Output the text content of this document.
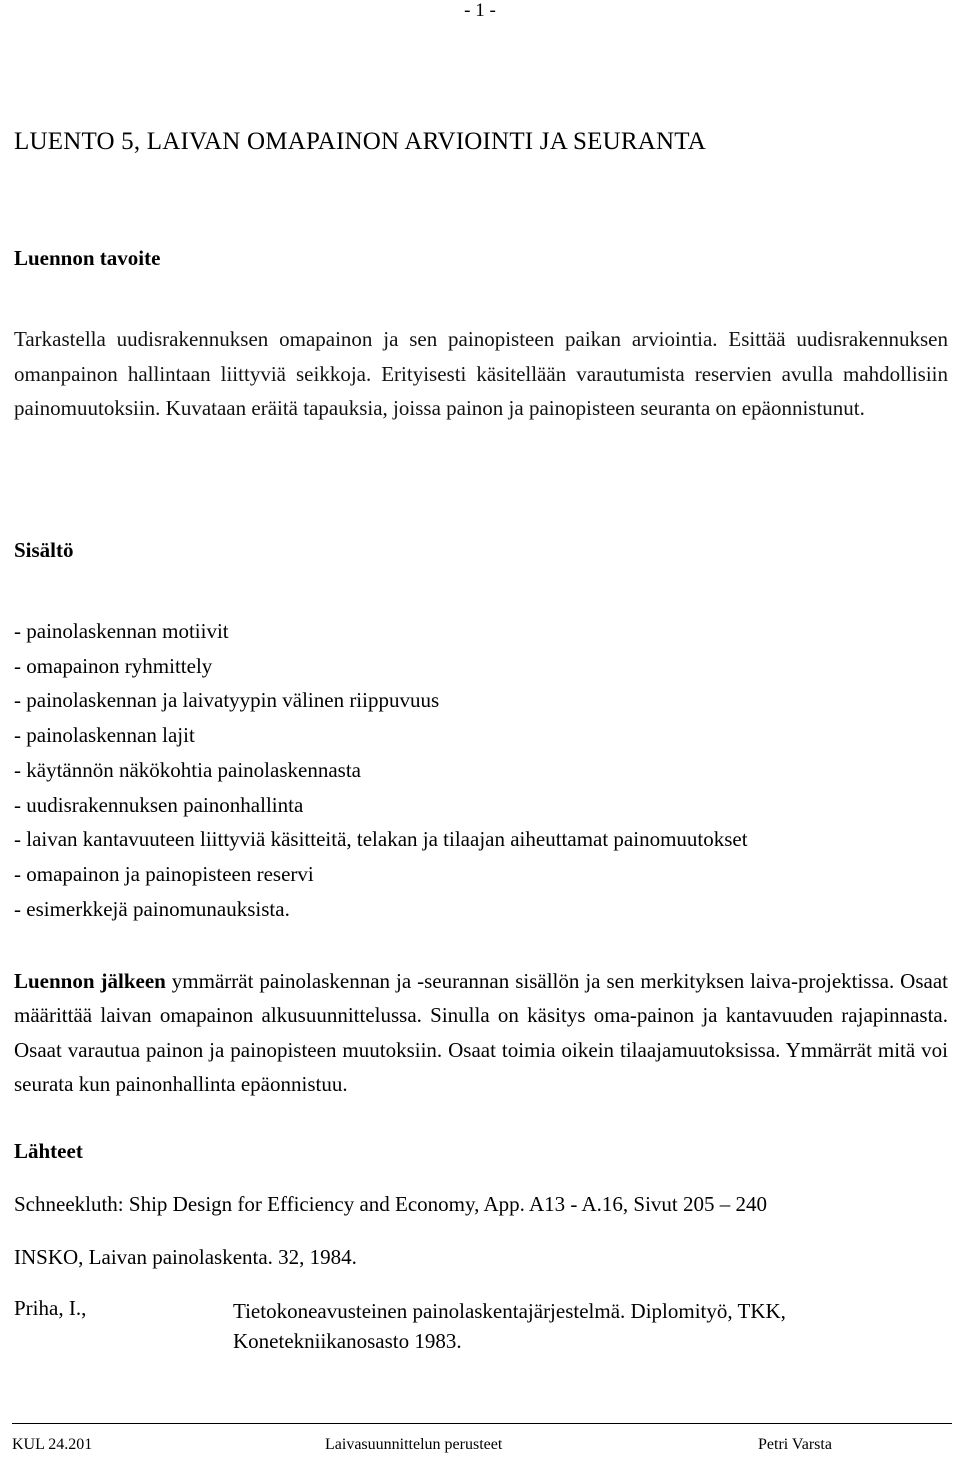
- 1 -
LUENTO 5, LAIVAN OMAPAINON ARVIOINTI JA SEURANTA
Luennon tavoite
Tarkastella uudisrakennuksen omapainon ja sen painopisteen paikan arviointia. Esittää uudisrakennuksen omanpainon hallintaan liittyviä seikkoja. Erityisesti käsitellään varautumista reservien avulla mahdollisiin painomuutoksiin. Kuvataan eräitä tapauksia, joissa painon ja painopisteen seuranta on epäonnistunut.
Sisältö
- painolaskennan motiivit
- omapainon ryhmittely
- painolaskennan ja laivatyypin välinen riippuvuus
- painolaskennan lajit
- käytännön näkökohtia painolaskennasta
- uudisrakennuksen painonhallinta
- laivan kantavuuteen liittyviä käsitteitä, telakan ja tilaajan aiheuttamat painomuutokset
- omapainon ja painopisteen reservi
- esimerkkejä painomunauksista.
Luennon jälkeen ymmärrät painolaskennan ja -seurannan sisällön ja sen merkityksen laiva-projektissa. Osaat määrittää laivan omapainon alkusuunnittelussa. Sinulla on käsitys oma-painon ja kantavuuden rajapinnasta. Osaat varautua painon ja painopisteen muutoksiin. Osaat toimia oikein tilaajamuutoksissa. Ymmärrät mitä voi seurata kun painonhallinta epäonnistuu.
Lähteet
Schneekluth: Ship Design for Efficiency and Economy, App. A13 - A.16, Sivut 205 – 240
INSKO, Laivan painolaskenta. 32, 1984.
Priha, I.,	Tietokoneavusteinen painolaskentajärjestelmä. Diplomityö, TKK, Konetekniikanosasto 1983.
KUL 24.201	Laivasuunnittelun perusteet	Petri Varsta
